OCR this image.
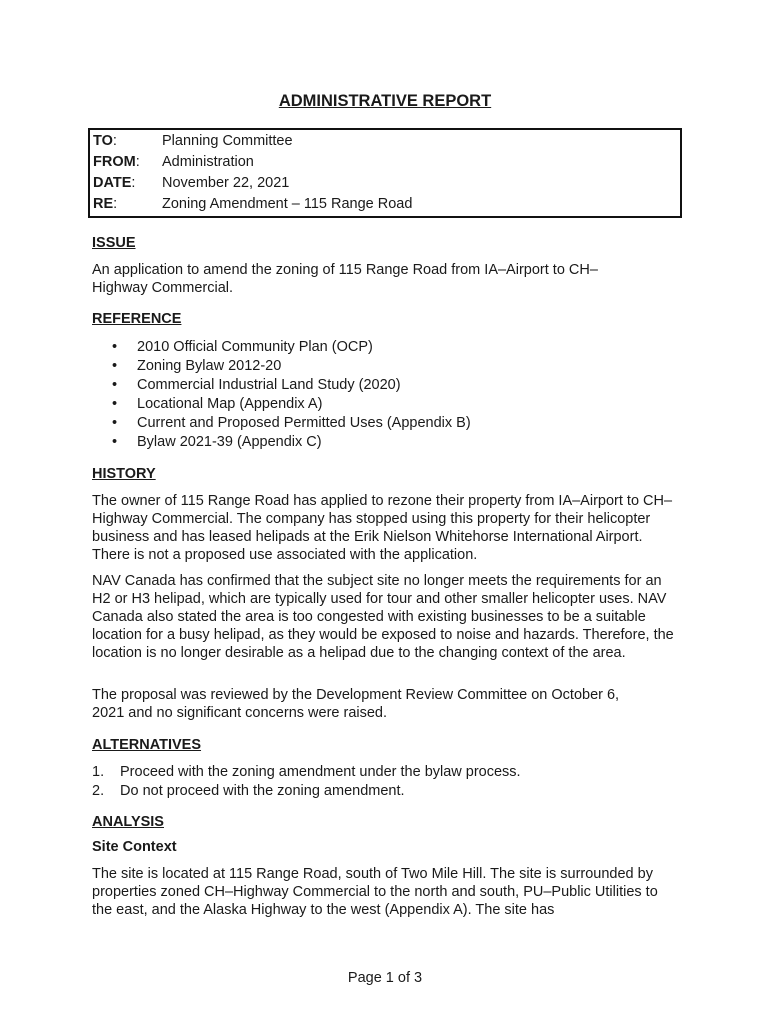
ADMINISTRATIVE REPORT
TO:	Planning Committee
FROM: Administration
DATE: November 22, 2021
RE:	Zoning Amendment – 115 Range Road
ISSUE
An application to amend the zoning of 115 Range Road from IA–Airport to CH–Highway Commercial.
REFERENCE
• 2010 Official Community Plan (OCP)
• Zoning Bylaw 2012-20
• Commercial Industrial Land Study (2020)
• Locational Map (Appendix A)
• Current and Proposed Permitted Uses (Appendix B)
• Bylaw 2021-39 (Appendix C)
HISTORY
The owner of 115 Range Road has applied to rezone their property from IA–Airport to CH–Highway Commercial. The company has stopped using this property for their helicopter business and has leased helipads at the Erik Nielson Whitehorse International Airport. There is not a proposed use associated with the application.
NAV Canada has confirmed that the subject site no longer meets the requirements for an H2 or H3 helipad, which are typically used for tour and other smaller helicopter uses. NAV Canada also stated the area is too congested with existing businesses to be a suitable location for a busy helipad, as they would be exposed to noise and hazards. Therefore, the location is no longer desirable as a helipad due to the changing context of the area.
The proposal was reviewed by the Development Review Committee on October 6, 2021 and no significant concerns were raised.
ALTERNATIVES
1. Proceed with the zoning amendment under the bylaw process.
2. Do not proceed with the zoning amendment.
ANALYSIS
Site Context
The site is located at 115 Range Road, south of Two Mile Hill. The site is surrounded by properties zoned CH–Highway Commercial to the north and south, PU–Public Utilities to the east, and the Alaska Highway to the west (Appendix A). The site has
Page 1 of 3
